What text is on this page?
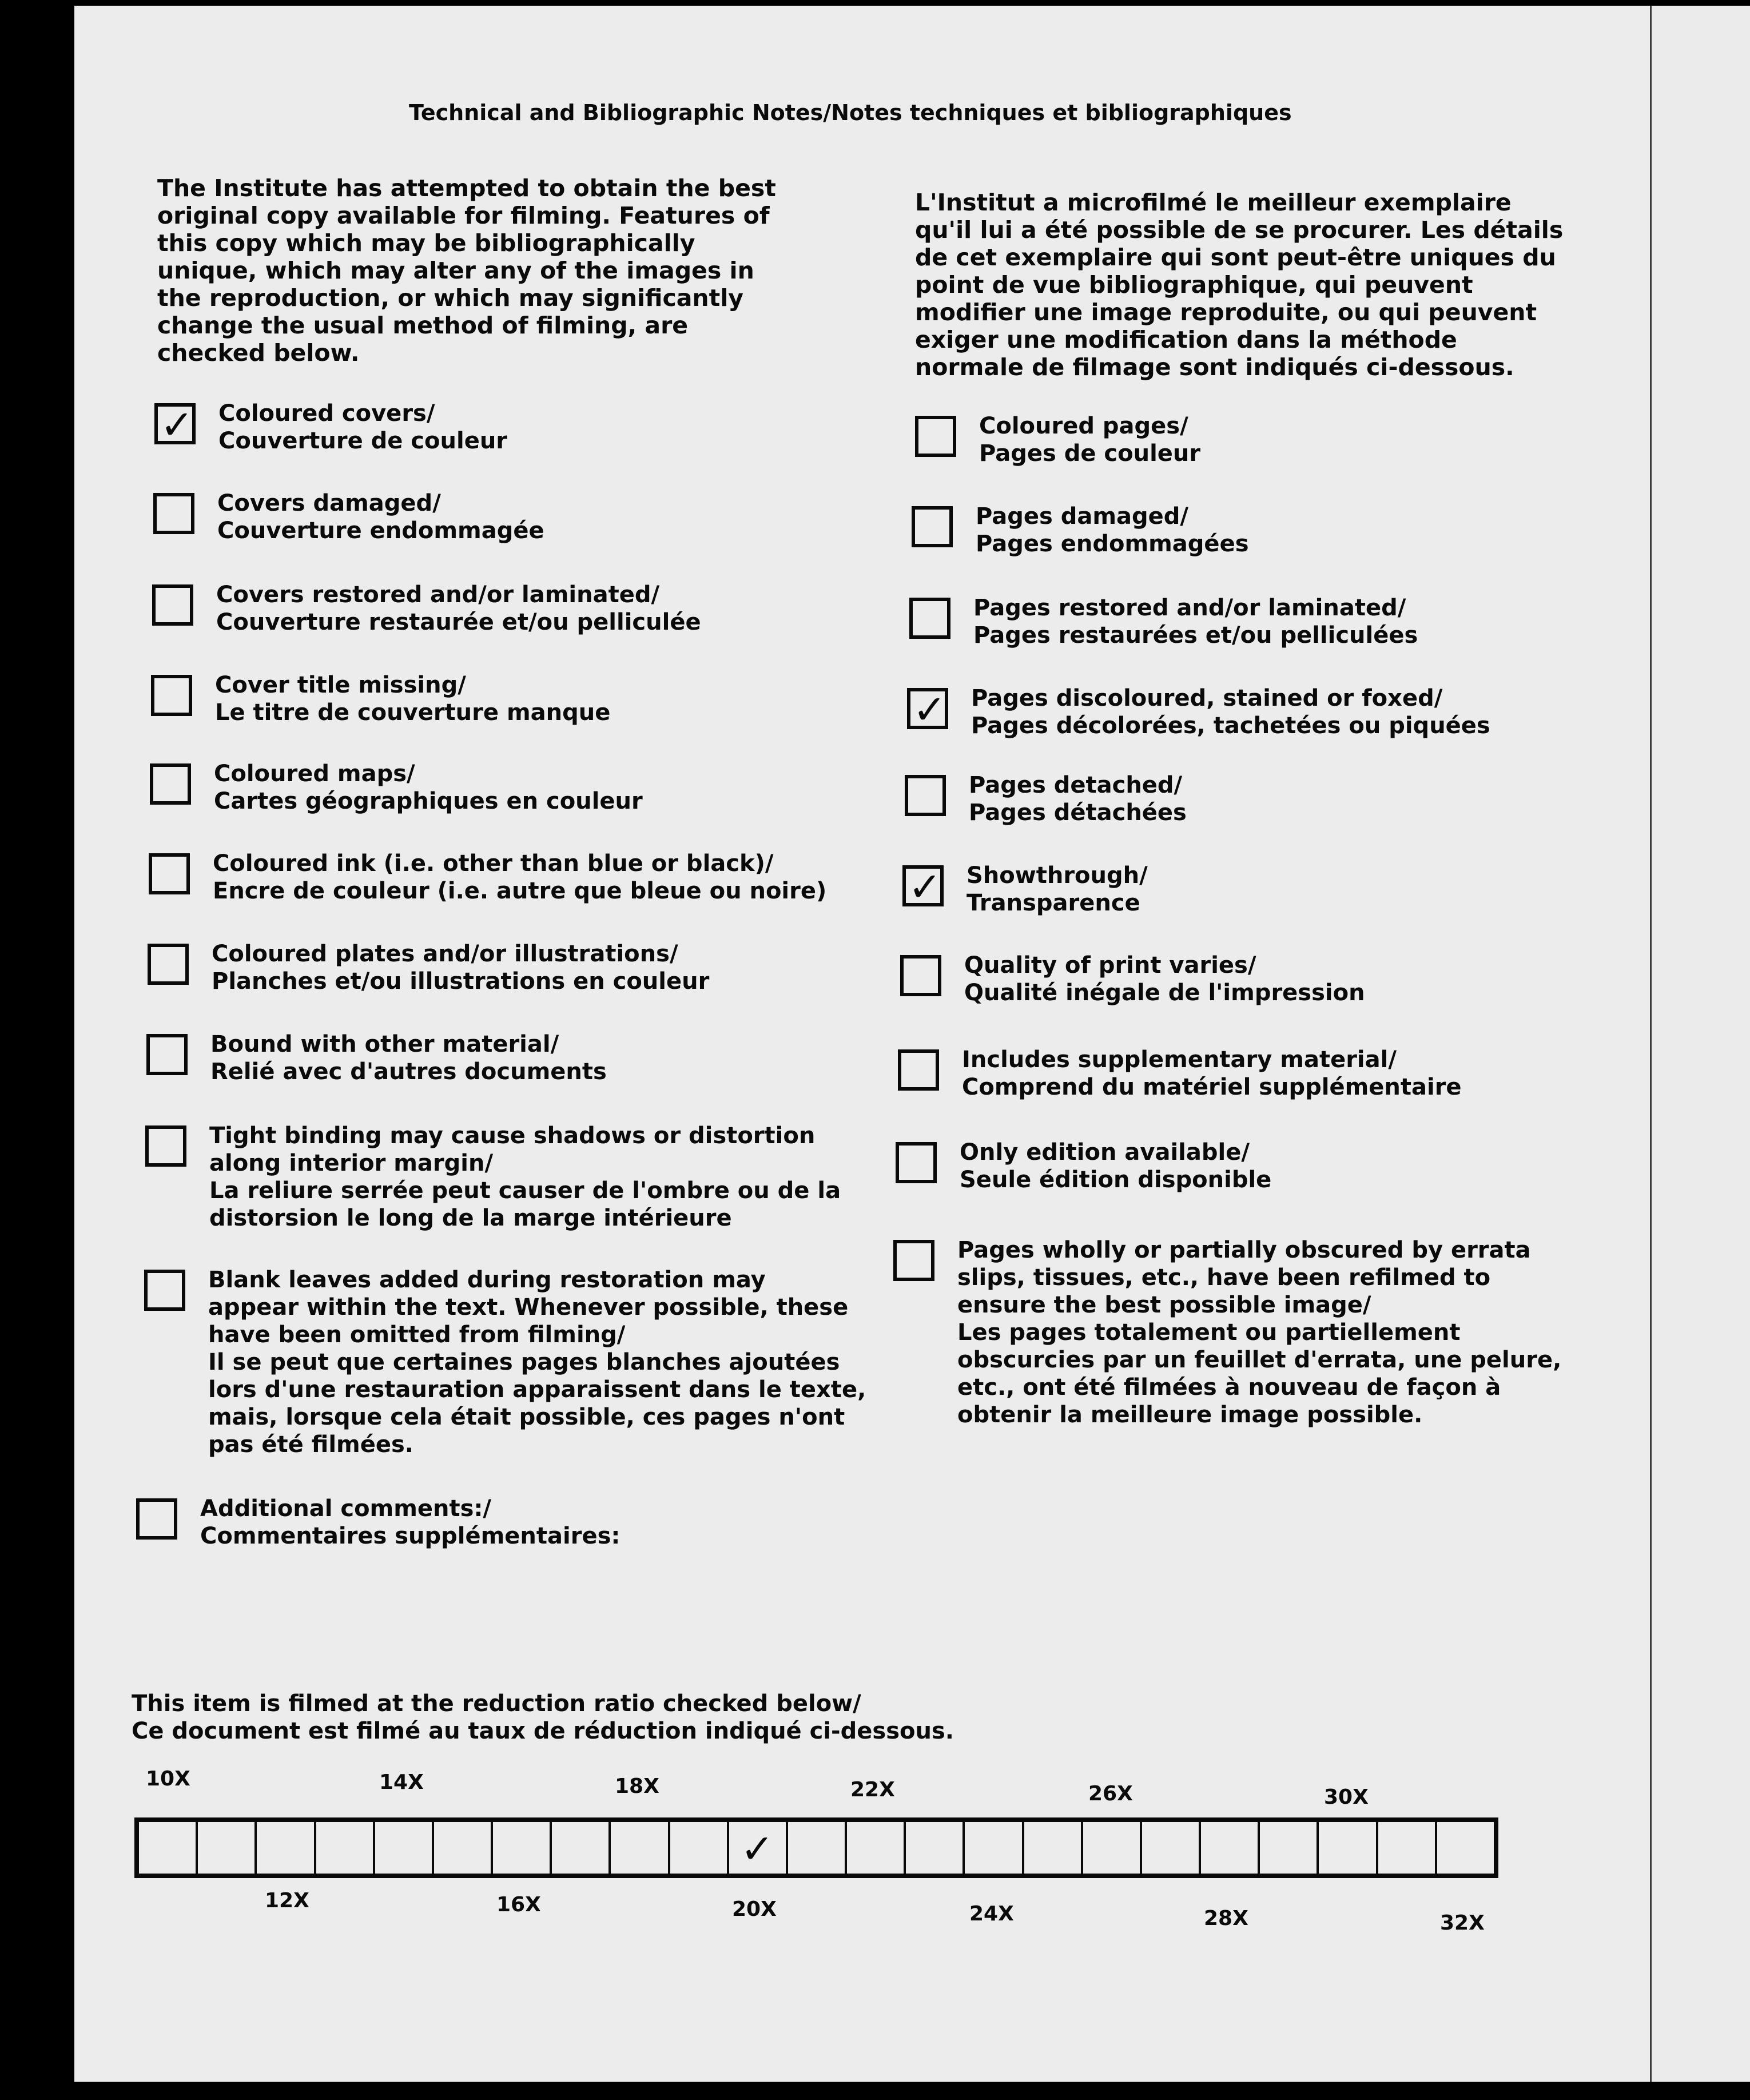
Technical and Bibliographic Notes/Notes techniques et bibliographiques
The Institute has attempted to obtain the best original copy available for filming. Features of this copy which may be bibliographically unique, which may alter any of the images in the reproduction, or which may significantly change the usual method of filming, are checked below.
L'Institut a microfilmé le meilleur exemplaire qu'il lui a été possible de se procurer. Les détails de cet exemplaire qui sont peut-être uniques du point de vue bibliographique, qui peuvent modifier une image reproduite, ou qui peuvent exiger une modification dans la méthode normale de filmage sont indiqués ci-dessous.
✓ Coloured covers/
Couverture de couleur
Covers damaged/
Couverture endommagée
Covers restored and/or laminated/
Couverture restaurée et/ou pelliculée
Cover title missing/
Le titre de couverture manque
Coloured maps/
Cartes géographiques en couleur
Coloured ink (i.e. other than blue or black)/
Encre de couleur (i.e. autre que bleue ou noire)
Coloured plates and/or illustrations/
Planches et/ou illustrations en couleur
Bound with other material/
Relié avec d'autres documents
Tight binding may cause shadows or distortion
along interior margin/
La reliure serrée peut causer de l'ombre ou de la
distorsion le long de la marge intérieure
Blank leaves added during restoration may
appear within the text. Whenever possible, these
have been omitted from filming/
Il se peut que certaines pages blanches ajoutées
lors d'une restauration apparaissent dans le texte,
mais, lorsque cela était possible, ces pages n'ont
pas été filmées.
Additional comments:/
Commentaires supplémentaires:
Coloured pages/
Pages de couleur
Pages damaged/
Pages endommagées
Pages restored and/or laminated/
Pages restaurées et/ou pelliculées
✓ Pages discoloured, stained or foxed/
Pages décolorées, tachetées ou piquées
Pages detached/
Pages détachées
✓ Showthrough/
Transparence
Quality of print varies/
Qualité inégale de l'impression
Includes supplementary material/
Comprend du matériel supplémentaire
Only edition available/
Seule édition disponible
Pages wholly or partially obscured by errata
slips, tissues, etc., have been refilmed to
ensure the best possible image/
Les pages totalement ou partiellement
obscurcies par un feuillet d'errata, une pelure,
etc., ont été filmées à nouveau de façon à
obtenir la meilleure image possible.
This item is filmed at the reduction ratio checked below/
Ce document est filmé au taux de réduction indiqué ci-dessous.
10X	14X	18X	22X	26X	30X
12X	16X	20X	24X	28X	32X
✓
